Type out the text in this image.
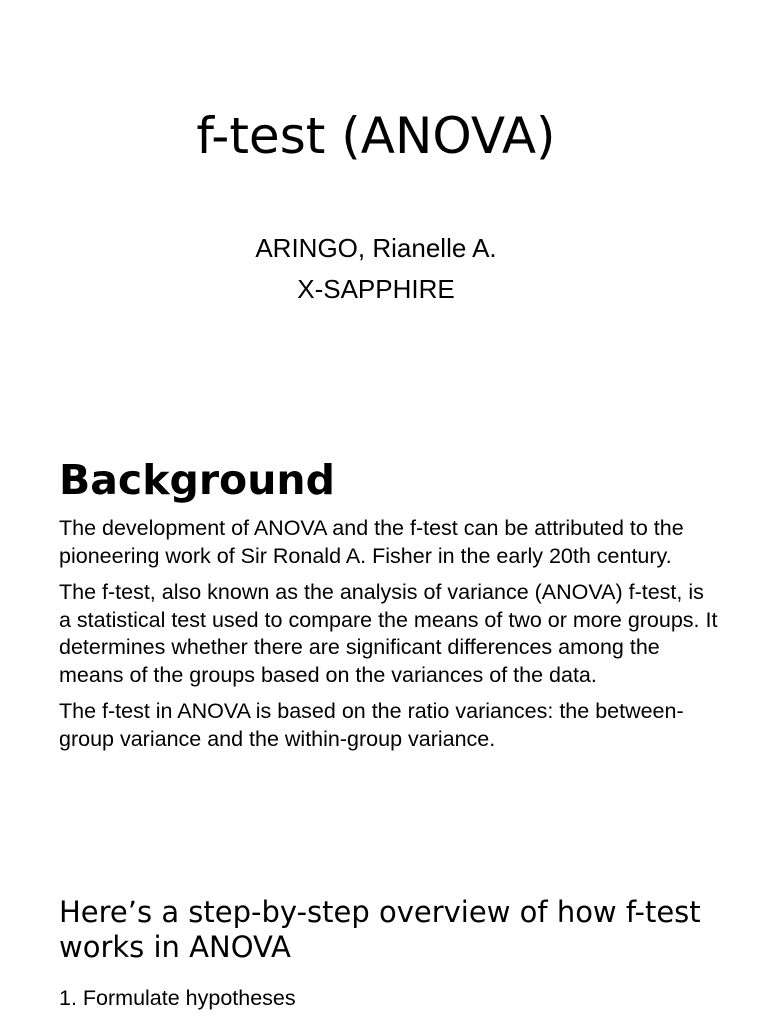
f-test (ANOVA)
ARINGO, Rianelle A.
X-SAPPHIRE
Background

The development of ANOVA and the f-test can be attributed to the pioneering work of Sir Ronald A. Fisher in the early 20th century.

The f-test, also known as the analysis of variance (ANOVA) f-test, is a statistical test used to compare the means of two or more groups. It determines whether there are significant differences among the means of the groups based on the variances of the data.

The f-test in ANOVA is based on the ratio variances: the between-group variance and the within-group variance.

Here’s a step-by-step overview of how f-test works in ANOVA
1. Formulate hypotheses
